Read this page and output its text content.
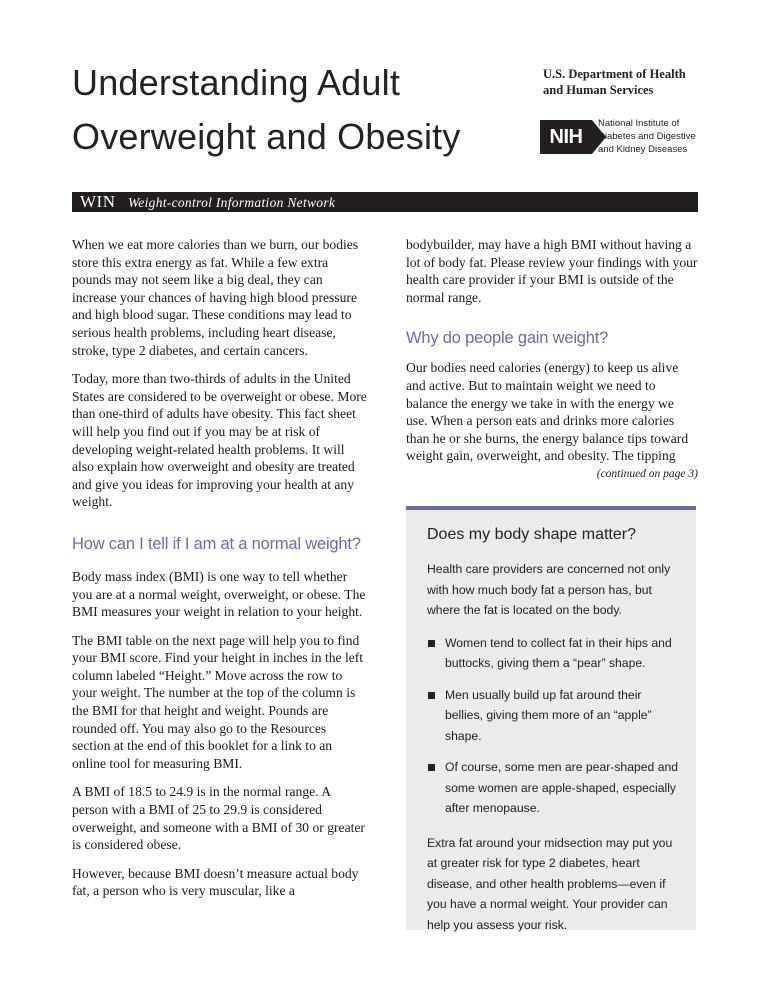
Understanding Adult
Overweight and Obesity
U.S. Department of Health
and Human Services
NIH
National Institute of
Diabetes and Digestive
and Kidney Diseases
WIN Weight-control Information Network

When we eat more calories than we burn, our bodies store this extra energy as fat. While a few extra pounds may not seem like a big deal, they can increase your chances of having high blood pressure and high blood sugar. These conditions may lead to serious health problems, including heart disease, stroke, type 2 diabetes, and certain cancers.

Today, more than two-thirds of adults in the United States are considered to be overweight or obese. More than one-third of adults have obesity. This fact sheet will help you find out if you may be at risk of developing weight-related health problems. It will also explain how overweight and obesity are treated and give you ideas for improving your health at any weight.

How can I tell if I am at a normal weight?

Body mass index (BMI) is one way to tell whether you are at a normal weight, overweight, or obese. The BMI measures your weight in relation to your height.

The BMI table on the next page will help you to find your BMI score. Find your height in inches in the left column labeled “Height.” Move across the row to your weight. The number at the top of the column is the BMI for that height and weight. Pounds are rounded off. You may also go to the Resources section at the end of this booklet for a link to an online tool for measuring BMI.

A BMI of 18.5 to 24.9 is in the normal range. A person with a BMI of 25 to 29.9 is considered overweight, and someone with a BMI of 30 or greater is considered obese.

However, because BMI doesn’t measure actual body fat, a person who is very muscular, like a

bodybuilder, may have a high BMI without having a lot of body fat. Please review your findings with your health care provider if your BMI is outside of the normal range.

Why do people gain weight?

Our bodies need calories (energy) to keep us alive and active. But to maintain weight we need to balance the energy we take in with the energy we use. When a person eats and drinks more calories than he or she burns, the energy balance tips toward weight gain, overweight, and obesity. The tipping

(continued on page 3)
Does my body shape matter?

Health care providers are concerned not only with how much body fat a person has, but where the fat is located on the body.

Women tend to collect fat in their hips and buttocks, giving them a “pear” shape.
Men usually build up fat around their bellies, giving them more of an “apple” shape.
Of course, some men are pear-shaped and some women are apple-shaped, especially after menopause.

Extra fat around your midsection may put you at greater risk for type 2 diabetes, heart disease, and other health problems—even if you have a normal weight. Your provider can help you assess your risk.
